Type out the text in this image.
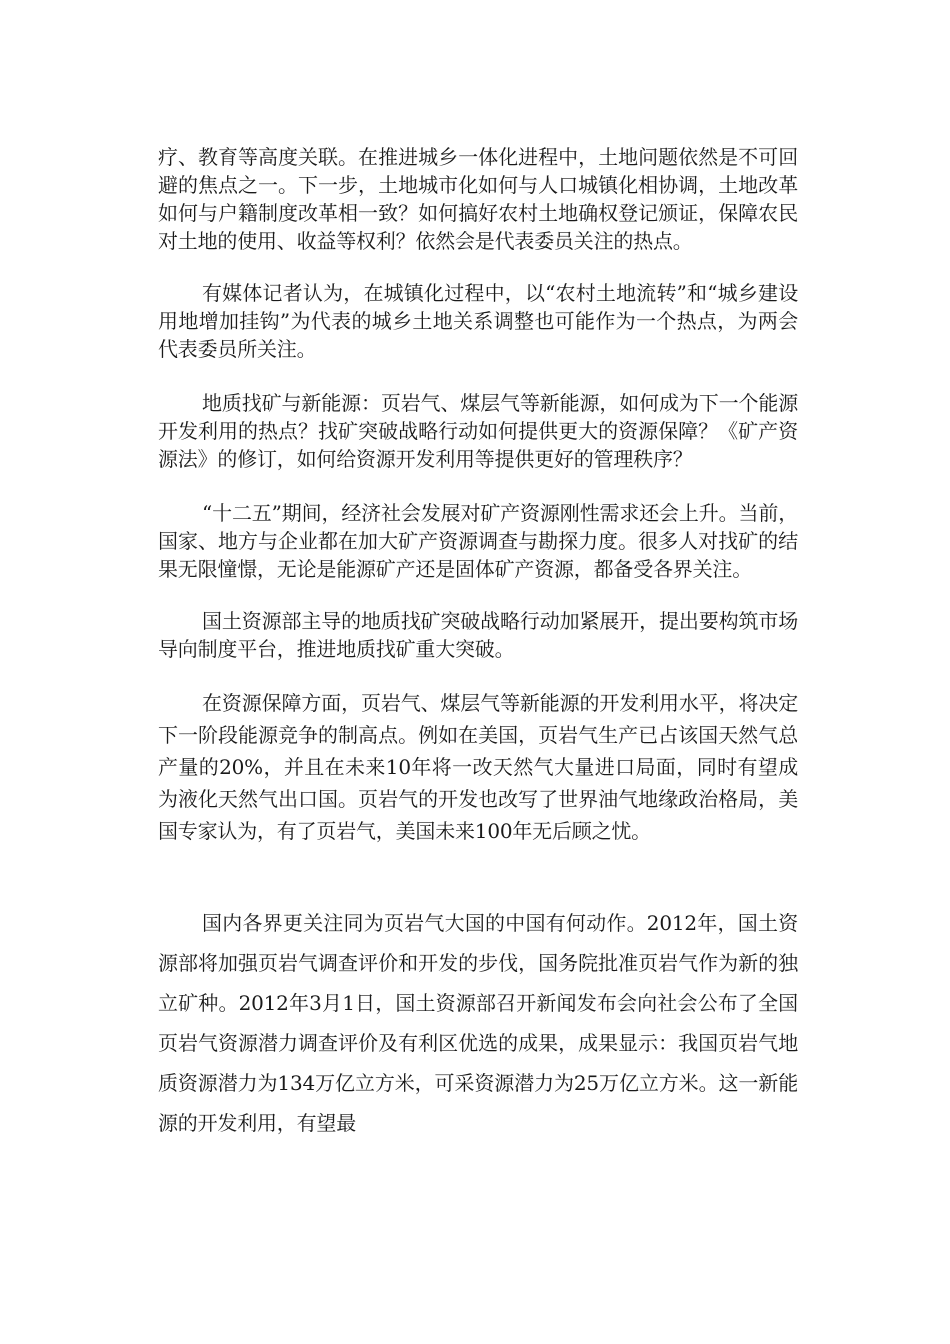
疗、教育等高度关联。在推进城乡一体化进程中，土地问题依然是不可回避的焦点之一。下一步，土地城市化如何与人口城镇化相协调，土地改革如何与户籍制度改革相一致？如何搞好农村土地确权登记颁证，保障农民对土地的使用、收益等权利？依然会是代表委员关注的热点。

有媒体记者认为，在城镇化过程中，以“农村土地流转”和“城乡建设用地增加挂钩”为代表的城乡土地关系调整也可能作为一个热点，为两会代表委员所关注。

地质找矿与新能源：页岩气、煤层气等新能源，如何成为下一个能源开发利用的热点？找矿突破战略行动如何提供更大的资源保障？《矿产资源法》的修订，如何给资源开发利用等提供更好的管理秩序？

“十二五”期间，经济社会发展对矿产资源刚性需求还会上升。当前，国家、地方与企业都在加大矿产资源调查与勘探力度。很多人对找矿的结果无限憧憬，无论是能源矿产还是固体矿产资源，都备受各界关注。

国土资源部主导的地质找矿突破战略行动加紧展开，提出要构筑市场导向制度平台，推进地质找矿重大突破。

在资源保障方面，页岩气、煤层气等新能源的开发利用水平，将决定下一阶段能源竞争的制高点。例如在美国，页岩气生产已占该国天然气总产量的20%，并且在未来10年将一改天然气大量进口局面，同时有望成为液化天然气出口国。页岩气的开发也改写了世界油气地缘政治格局，美国专家认为，有了页岩气，美国未来100年无后顾之忧。

国内各界更关注同为页岩气大国的中国有何动作。2012年，国土资源部将加强页岩气调查评价和开发的步伐，国务院批准页岩气作为新的独立矿种。2012年3月1日，国土资源部召开新闻发布会向社会公布了全国页岩气资源潜力调查评价及有利区优选的成果，成果显示：我国页岩气地质资源潜力为134万亿立方米，可采资源潜力为25万亿立方米。这一新能源的开发利用，有望最
